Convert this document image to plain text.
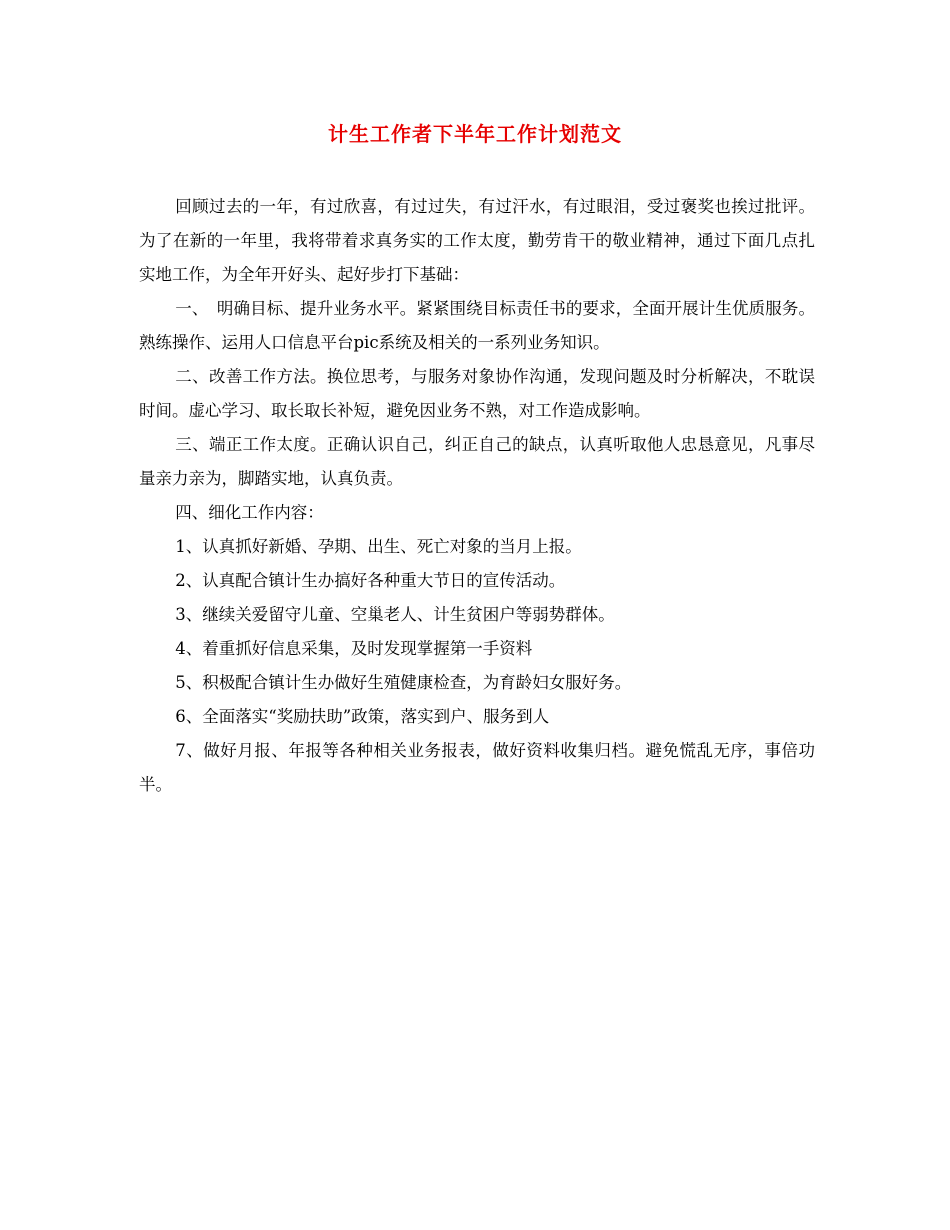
计生工作者下半年工作计划范文

回顾过去的一年，有过欣喜，有过过失，有过汗水，有过眼泪，受过褒奖也挨过批评。为了在新的一年里，我将带着求真务实的工作太度，勤劳肯干的敬业精神，通过下面几点扎实地工作，为全年开好头、起好步打下基础：

一、　明确目标、提升业务水平。紧紧围绕目标责任书的要求，全面开展计生优质服务。熟练操作、运用人口信息平台pic系统及相关的一系列业务知识。

二、改善工作方法。换位思考，与服务对象协作沟通，发现问题及时分析解决，不耽误时间。虚心学习、取长取长补短，避免因业务不熟，对工作造成影响。

三、端正工作太度。正确认识自己，纠正自己的缺点，认真听取他人忠恳意见，凡事尽量亲力亲为，脚踏实地，认真负责。

四、细化工作内容：

1、认真抓好新婚、孕期、出生、死亡对象的当月上报。

2、认真配合镇计生办搞好各种重大节日的宣传活动。

3、继续关爱留守儿童、空巢老人、计生贫困户等弱势群体。

4、着重抓好信息采集，及时发现掌握第一手资料

5、积极配合镇计生办做好生殖健康检查，为育龄妇女服好务。

6、全面落实“奖励扶助”政策，落实到户、服务到人

7、做好月报、年报等各种相关业务报表，做好资料收集归档。避免慌乱无序，事倍功半。
